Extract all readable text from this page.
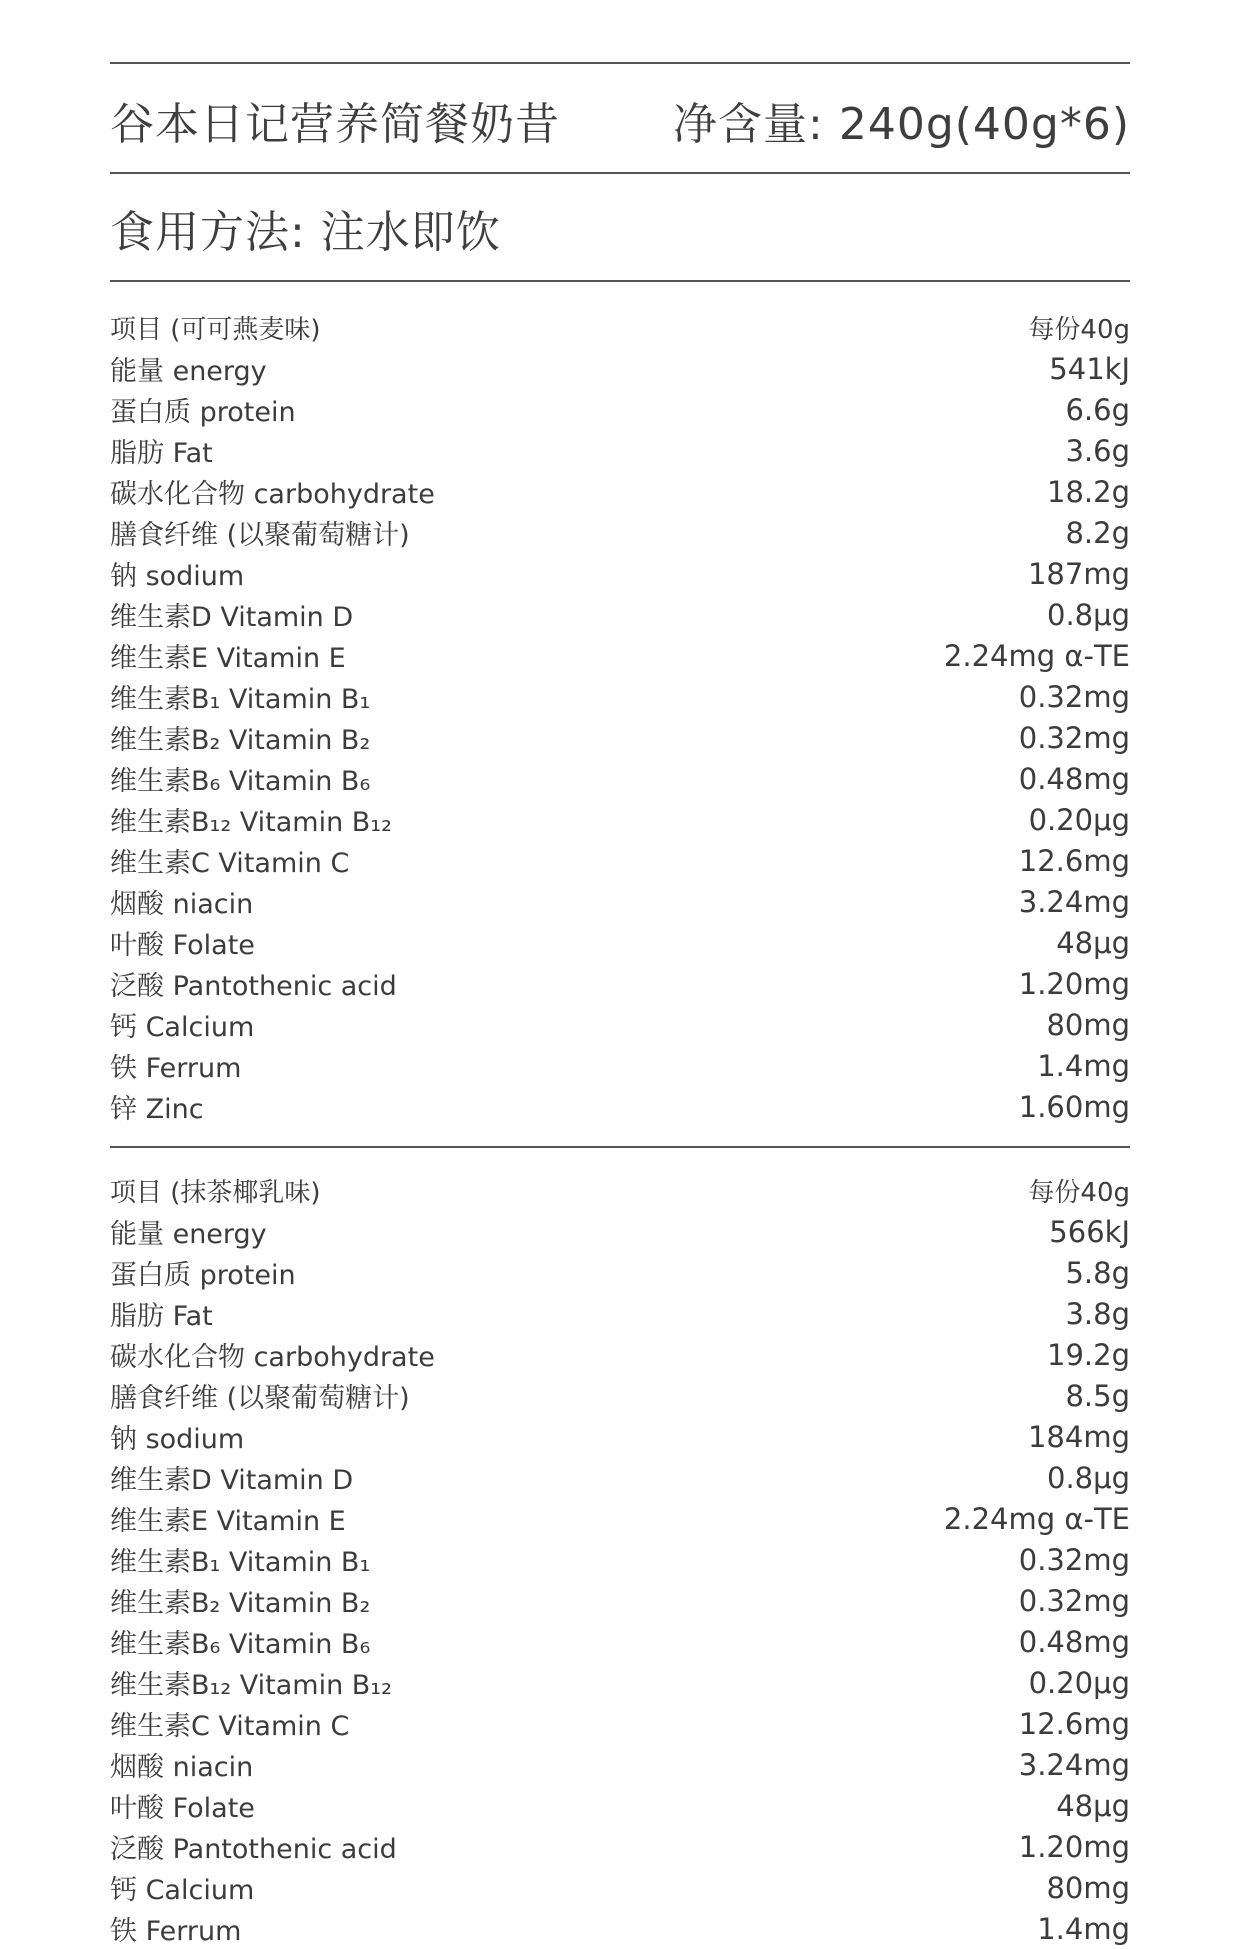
谷本日记营养简餐奶昔	净含量: 240g(40g*6)
食用方法: 注水即饮
项目 (可可燕麦味)	每份40g
能量 energy	541kJ
蛋白质 protein	6.6g
脂肪 Fat	3.6g
碳水化合物 carbohydrate	18.2g
膳食纤维 (以聚葡萄糖计)	8.2g
钠 sodium	187mg
维生素D Vitamin D	0.8μg
维生素E Vitamin E	2.24mg α-TE
维生素B₁ Vitamin B₁	0.32mg
维生素B₂ Vitamin B₂	0.32mg
维生素B₆ Vitamin B₆	0.48mg
维生素B₁₂ Vitamin B₁₂	0.20μg
维生素C Vitamin C	12.6mg
烟酸 niacin	3.24mg
叶酸 Folate	48μg
泛酸 Pantothenic acid	1.20mg
钙 Calcium	80mg
铁 Ferrum	1.4mg
锌 Zinc	1.60mg
项目 (抹茶椰乳味)	每份40g
能量 energy	566kJ
蛋白质 protein	5.8g
脂肪 Fat	3.8g
碳水化合物 carbohydrate	19.2g
膳食纤维 (以聚葡萄糖计)	8.5g
钠 sodium	184mg
维生素D Vitamin D	0.8μg
维生素E Vitamin E	2.24mg α-TE
维生素B₁ Vitamin B₁	0.32mg
维生素B₂ Vitamin B₂	0.32mg
维生素B₆ Vitamin B₆	0.48mg
维生素B₁₂ Vitamin B₁₂	0.20μg
维生素C Vitamin C	12.6mg
烟酸 niacin	3.24mg
叶酸 Folate	48μg
泛酸 Pantothenic acid	1.20mg
钙 Calcium	80mg
铁 Ferrum	1.4mg
